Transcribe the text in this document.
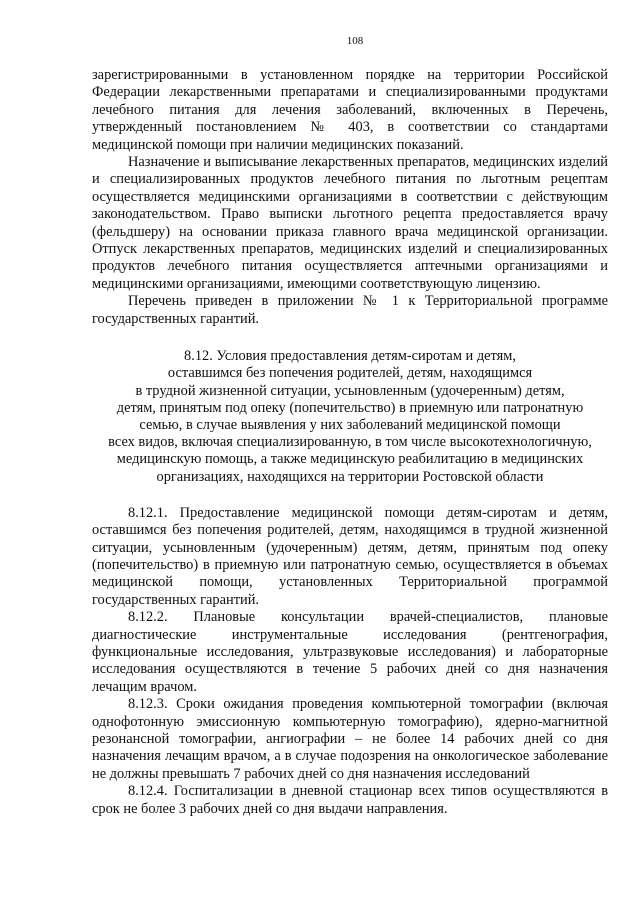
108

зарегистрированными в установленном порядке на территории Российской Федерации лекарственными препаратами и специализированными продуктами лечебного питания для лечения заболеваний, включенных в Перечень, утвержденный постановлением № 403, в соответствии со стандартами медицинской помощи при наличии медицинских показаний.

Назначение и выписывание лекарственных препаратов, медицинских изделий и специализированных продуктов лечебного питания по льготным рецептам осуществляется медицинскими организациями в соответствии с действующим законодательством. Право выписки льготного рецепта предоставляется врачу (фельдшеру) на основании приказа главного врача медицинской организации. Отпуск лекарственных препаратов, медицинских изделий и специализированных продуктов лечебного питания осуществляется аптечными организациями и медицинскими организациями, имеющими соответствующую лицензию.

Перечень приведен в приложении № 1 к Территориальной программе государственных гарантий.

8.12. Условия предоставления детям-сиротам и детям,
оставшимся без попечения родителей, детям, находящимся
в трудной жизненной ситуации, усыновленным (удочеренным) детям,
детям, принятым под опеку (попечительство) в приемную или патронатную
семью, в случае выявления у них заболеваний медицинской помощи
всех видов, включая специализированную, в том числе высокотехнологичную,
медицинскую помощь, а также медицинскую реабилитацию в медицинских
организациях, находящихся на территории Ростовской области

8.12.1. Предоставление медицинской помощи детям-сиротам и детям, оставшимся без попечения родителей, детям, находящимся в трудной жизненной ситуации, усыновленным (удочеренным) детям, детям, принятым под опеку (попечительство) в приемную или патронатную семью, осуществляется в объемах медицинской помощи, установленных Территориальной программой государственных гарантий.

8.12.2. Плановые консультации врачей-специалистов, плановые диагностические инструментальные исследования (рентгенография, функциональные исследования, ультразвуковые исследования) и лабораторные исследования осуществляются в течение 5 рабочих дней со дня назначения лечащим врачом.

8.12.3. Сроки ожидания проведения компьютерной томографии (включая однофотонную эмиссионную компьютерную томографию), ядерно-магнитной резонансной томографии, ангиографии – не более 14 рабочих дней со дня назначения лечащим врачом, а в случае подозрения на онкологическое заболевание не должны превышать 7 рабочих дней со дня назначения исследований

8.12.4. Госпитализации в дневной стационар всех типов осуществляются в срок не более 3 рабочих дней со дня выдачи направления.
